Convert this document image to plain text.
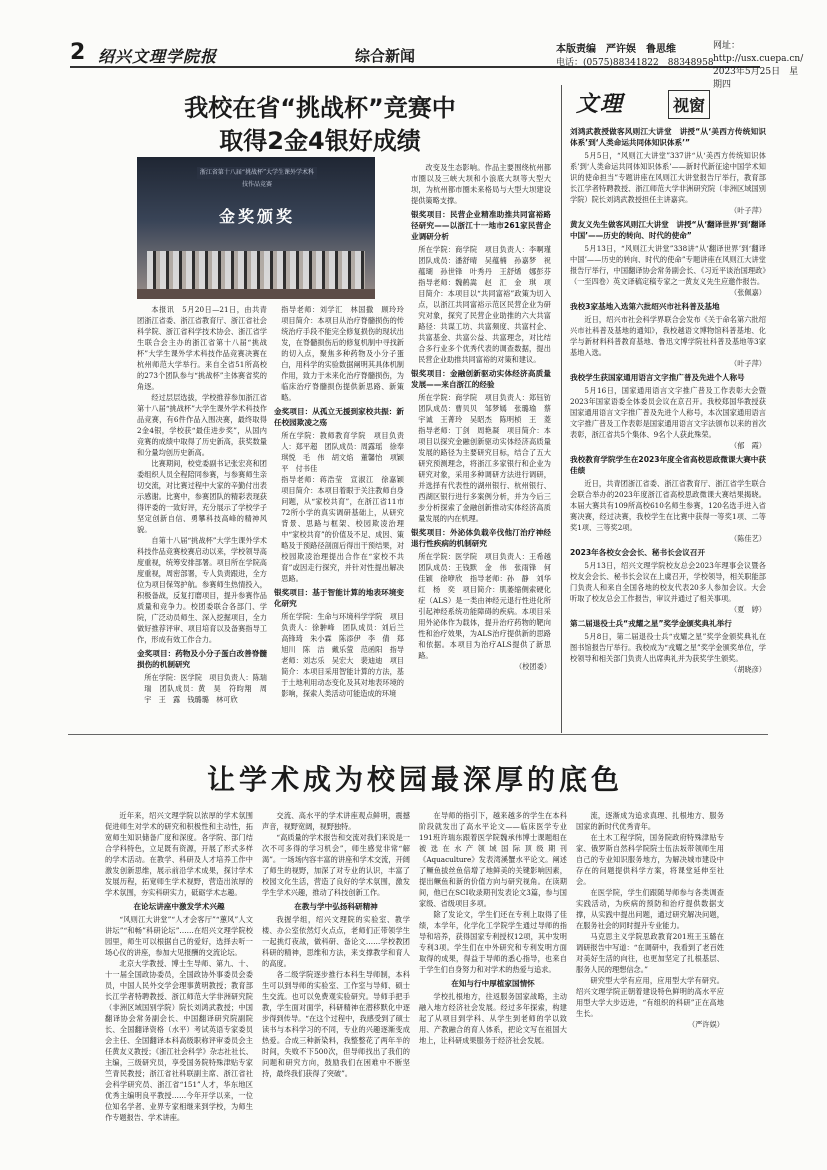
2 绍兴文理学院报	综合新闻	本版责编　严许娱　鲁思维
电话：(0575)88341822　88348958
网址：http://usx.cuepa.cn/
2023年5月25日　星期四
我校在省“挑战杯”竞赛中
取得2金4银好成绩
浙江省第十八届“挑战杯”大学生课外学术科技作品竞赛
金奖颁奖

本报讯　5月20日—21日，由共青团浙江省委、浙江省教育厅、浙江省社会科学院、浙江省科学技术协会、浙江省学生联合会主办的浙江省第十八届“挑战杯”大学生课外学术科技作品竞赛决赛在杭州师范大学举行。来自全省51所高校的273个团队参与“挑战杯”主体赛省奖的角逐。

经过层层选拔，学校推荐参加浙江省第十八届“挑战杯”大学生课外学术科技作品竞赛，有6件作品入围决赛，最终取得2金4银，学校获“最佳进步奖”，从国内竞赛的成绩中取得了历史新高，获奖数量和分量均创历史新高。

比赛期间，校党委副书记张宏亮和团委组织人员全程陪同参赛，与参赛师生亲切交流，对比赛过程中大家的辛勤付出表示感谢。比赛中，参赛团队的精彩表现获得评委的一致好评，充分展示了学校学子坚定创新自信、勇攀科技高峰的精神风貌。

自第十八届“挑战杯”大学生课外学术科技作品竞赛校赛启动以来，学校领导高度重视，统筹安排部署。项目所在学院高度重视，周密部署，专人负责跟进，全方位为项目保驾护航。参赛师生热情投入，积极备战，反复打磨项目，提升参赛作品质量和竞争力。校团委联合各部门、学院，广泛动员师生、深入挖掘项目，全力做好推荐评审、项目培育以及备赛指导工作，形成有效工作合力。

金奖项目：药物及小分子蛋白改善脊髓损伤的机制研究

所在学院：医学院　项目负责人：陈瑞瑞　团队成员：黄　昊　符昀翔　周　宇　王　露　钱璐璐　林可欣

指导老师：刘学汇　林国撒　顾玲玲　项目简介：本项目从治疗脊髓损伤的传统治疗手段不能完全修复损伤的现状出发，在脊髓损伤后的修复机制中寻找新的切入点，聚焦多种药物及小分子蛋白，用科学的实验数据阐明其具体机制作用，致力于未来化治疗脊髓损伤，为临床治疗脊髓损伤提供新思路、新策略。

金奖项目：从孤立无援到家校共振：新任校园欺凌之殇

所在学院：教师教育学院　项目负责人：郑平超　团队成员：周露瑶　徐奉琪悦　毛　伟　胡文焰　董馨怡　项颖平　付书佳

指导老师：蒋浩莹　宣淑江　徐嘉颖　项目简介：本项目着眼于关注教师自身问题，从“家校共育”，在浙江省11市72所小学的真实调研基础上，从研究背景、思路与框架、校园欺凌治理中“家校共育”的价值及不足、成因、策略及于预路径剖面后得出干预结果，对校园欺凌治理提出合作在“家校不共育”或因走行探究，并针对性提出解决思路。

银奖项目：基于智能计算的地表环境变化研究

所在学院：生命与环境科学学院　项目负责人：徐翀峰　团队成员：刘后兰　高锋琦　朱小霖　陈添伊　李　倩　郑旭川　陈　洁　戴乐萤　范函阳　指导老师：刘志乐　吴宏大　裴迪迪　项目简介：本项目采用智能计算的方法，基于土地利用动态变化及其对地表环境的影响，探索人类活动可能造成的环境

改变及生态影响。作品主要围绕杭州都市圈以及三峡大坝和小浪底大坝等大型大坝，为杭州都市圈未来格局与大型大坝建设提供策略支撑。

银奖项目：民营企业精准助推共同富裕路径研究——以浙江十一地市261家民营企业调研分析

所在学院：商学院　项目负责人：李啊瑾　团队成员：潘舒晴　吴蕴楠　孙嘉梦　祝蕴瑚　孙世锋　叶秀丹　王舒烯　娜彭芬　指导老师：魏鹤嵩　赵　汇　金　琪　项目简介：本项目以“共同富裕”政策为切入点，以浙江共同富裕示范区民营企业为研究对象，探究了民营企业助推的六大共富路径：共谋工坊、共富频度、共富村企、共富基金、共富公益、共富理念，对比结合多行业多个优秀代表的调查数据，提出民营企业助推共同富裕的对策和建议。

银奖项目：金融创新驱动实体经济高质量发展——来自浙江的经验

所在学院：商学院　项目负责人：郑钰钫　团队成员：曹贝贝　邹梦嫣　张璐瑜　蔡宇诚　王菁玲　吴昭杰　陈明桢　王　菱　指导老师：丁剑　周艳凝　项目简介：本项目以探究金融创新驱动实体经济高质量发展的路径为主要研究目标，结合了五大研究预测理念，将浙江多家银行和企业为研究对象，采用多种调研方法进行调研，并选择有代表性的湖州银行、杭州银行、西湖区银行进行多案例分析，并为今后三步分析探索了金融创新推动实体经济高质量发展的内在机理。

银奖项目：外泌体负载辛伐他汀治疗神经退行性疾病的机制研究

所在学院：医学院　项目负责人：王希越　团队成员：王钱默　金　伟　张雨锋　何佳颖　徐咿欣　指导老师：孙　静　刘华红　杨　奕　项目简介：肌萎缩侧索硬化症（ALS）是一类由神经元退行性进化所引起神经系统功能障碍的疾病。本项目采用外泌体作为载体，提升治疗药物的靶向性和治疗效果，为ALS治疗提供新的思路和依据。本项目为治疗ALS提供了新思路。

（校团委）

文理	视窗

刘鸿武教授做客风则江大讲堂　讲授“从‘美西方传统知识体系’到‘人类命运共同体知识体系’”

5月5日，“风则江大讲堂”337讲“从‘美西方传统知识体系’到‘人类命运共同体知识体系’——新时代新征途中国学术知识的使命担当”专题讲座在风则江大讲堂报告厅举行，教育部长江学者特聘教授、浙江师范大学非洲研究院（非洲区域国别学院）院长刘鸿武教授担任主讲嘉宾。

（叶子萍）

黄友义先生做客风则江大讲堂　讲授“从‘翻译世界’到‘翻译中国’——历史的转向、时代的使命”

5月13日，“风则江大讲堂”338讲“从‘翻译世界’到‘翻译中国’——历史的转向、时代的使命”专题讲座在风则江大讲堂报告厅举行，中国翻译协会常务副会长、《习近平谈治国理政》（一至四卷）英文译稿定稿专家之一黄友义先生应邀作报告。

（张佩嘉）

我校3家基地入选第六批绍兴市社科普及基地

近日，绍兴市社会科学界联合会发布《关于命名第六批绍兴市社科普及基地的通知》，我校越语文博物馆科普基地、化学与新材料科普教育基地、鲁迅文博学院社科普及基地等3家基地入选。

（叶子萍）

我校学生获国家通用语言文字推广普及先进个人称号

5月16日，国家通用语言文字推广普及工作表彰大会暨2023年国家语委全体委员会议在京召开。我校郑国华教授获国家通用语言文字推广普及先进个人称号，本次国家通用语言文字推广普及工作表彰是国家通用语言文字法颁布以来的首次表彰，浙江省共5个集体、9名个人获此殊荣。

（郁　霞）

我校教育学院学生在2023年度全省高校思政微课大赛中获佳绩

近日，共青团浙江省委、浙江省教育厅、浙江省学生联合会联合举办的2023年度浙江省高校思政微课大赛结果揭晓。本届大赛共有109所高校610名师生参赛，120名选手进入省赛决赛，经过决赛，我校学生在比赛中获得一等奖1项、二等奖1项、三等奖2项。

（陈佳艺）

2023年各校女会会长、秘书长会议召开

5月13日，绍兴文理学院校友总会2023年理事会议暨各校友会会长、秘书长会议在上虞召开，学校领导，相关职能部门负责人和来自全国各地的校友代表20多人参加会议。大会听取了校友总会工作报告，审议并通过了相关事项。

（夏　婷）

第二届退役士兵“戎耀之星”奖学金颁奖典礼举行

5月8日，第二届退役士兵“戎耀之星”奖学金颁奖典礼在图书馆报告厅举行。我校成为“戎耀之星”奖学金颁奖单位，学校领导和相关部门负责人出席典礼并为获奖学生颁奖。

（胡晓彦）

让学术成为校园最深厚的底色

近年来，绍兴文理学院以浓厚的学术氛围促进师生对学术的研究和积极性和主动性，拓宽师生知识储备广度和深度。各学院、部门结合学科特色，立足既有资源，开展了形式多样的学术活动。在教学、科研及人才培养工作中激发创新思维，展示前沿学术成果，探讨学术发展历程，拓宽师生学术视野，营造出浓厚的学术氛围，夯实科研实力，砥砺学术志趣。

在论坛讲座中激发学术兴趣

“风则江大讲堂”“人才会客厅”“蕙风”人文讲坛”“和畅”科研论坛”……在绍兴文理学院校园里，师生可以根据自己的爱好，选择去听一场心仪的讲座，参加大见报酬的交流论坛。

北京大学教授、博士生导师、第九、十、十一届全国政协委员，全国政协外事委员会委员，中国人民外交学会理事黄明教授；教育部长江学者特聘教授、浙江师范大学非洲研究院（非洲区域国别学院）院长刘鸿武教授；中国翻译协会常务副会长、中国翻译研究院副院长、全国翻译资格（水平）考试英语专家委员会主任、全国翻译本科高级职称评审委员会主任黄友义教授；《浙江社会科学》杂志社社长、主编，三级研究员，享受国务院特殊津贴专家竺青民教授；浙江省社科联副主席、浙江省社会科学研究员、浙江省“151”人才，华东地区优秀主编明良平教授……今年开学以来，一位位知名学者、业界专家相继来到学校，为师生作专题报告、学术讲座。

交流、高水平的学术讲座观点鲜明，震撼声音，视野宽阔，视野独特。

“高质量的学术报告和交流对我们来说是一次不可多得的学习机会”，师生感觉非常“解渴”。一场场内容丰富的讲座和学术交流，开阔了师生的视野，加深了对专业的认识，丰富了校园文化生活，营造了良好的学术氛围，激发学生学术兴趣，推动了科技创新工作。

在教与学中弘扬科研精神

我握学组，绍兴文理院的实验室、教学楼、办公室依然灯火点点，老师们正带领学生一起挑灯夜战，做科研、备论文……学校教团科研的精神，思维和方法，来支撑教学和育人的高度。

各二级学院逐步推行本科生导师制，本科生可以到导师的实验室、工作室与导师、硕士生交流。也可以免费观实验研究。导师手把手教，学生面对面学，科研精神在潜移默化中逐步得到传导。“在这个过程中，我感受到了硕士读书与本科学习的不同，专业的兴趣逐渐变成热爱。合成三种新染料，我整整花了两年半的时间，失败不下500次，但导师找出了我们的问题和研究方向，鼓励我们在困难中不断坚持，最终我们获得了突破”。

在导师的指引下，越来越多的学生在本科阶段就发出了高水平论文——临床医学专业191班许瑞东跟着医学院魏承伟博士课题组在被选在水产领域国际顶级期刊《Aquaculture》发表湾溪蟹水平论文。阐述了鳜鱼拔丝鱼倍增了地鲜美的关键影响因素，提出鳜鱼和新的价值方向与研究视角。在读期间，他已在SCI收录期刊发表论文3篇，参与国家级、省级项目多项。

除了发论文，学生们还在专利上取得了佳绩，本学年，化学化工学院学生通过导师的指导和培养，获得国家专利授权12项，其中发明专利3项。学生们在中外研究和专利发明方面取得的成果，得益于导师的悉心指导，也来自于学生们自身努力和对学术的热爱与追求。

在知与行中厚植家国情怀

学校扎根地方，往返服务国家战略，主动融入地方经济社会发展。经过多年探索，构建起了从项目到学科、从学生到老师的学以致用、产教融合的育人体系，把论文写在祖国大地上，让科研成果服务于经济社会发展。

流，逐渐成为追求真理、扎根地方、服务国家的新时代优秀青年。

在土木工程学院，国务院政府特殊津贴专家、俄罗斯自然科学院院士伍法坂带领师生用自己的专业知识服务地方，为解决城市建设中存在的问题提供科学方案，将课堂延伸至社会。

在医学院，学生们跟随导师参与各类调查实践活动，为疾病的预防和治疗提供数据支撑，从实践中提出问题，通过研究解决问题，在服务社会的同时提升专业能力。

马克思主义学院思政教育201班王玉璐在调研报告中写道：“在调研中，我看到了老百姓对美好生活的向往，也更加坚定了扎根基层、服务人民的理想信念。”

研究型大学有应用，应用型大学有研究。绍兴文理学院正朝着建设特色鲜明的高水平应用型大学大步迈进，“有组织的科研”正在高地生长。

（严许娱）
